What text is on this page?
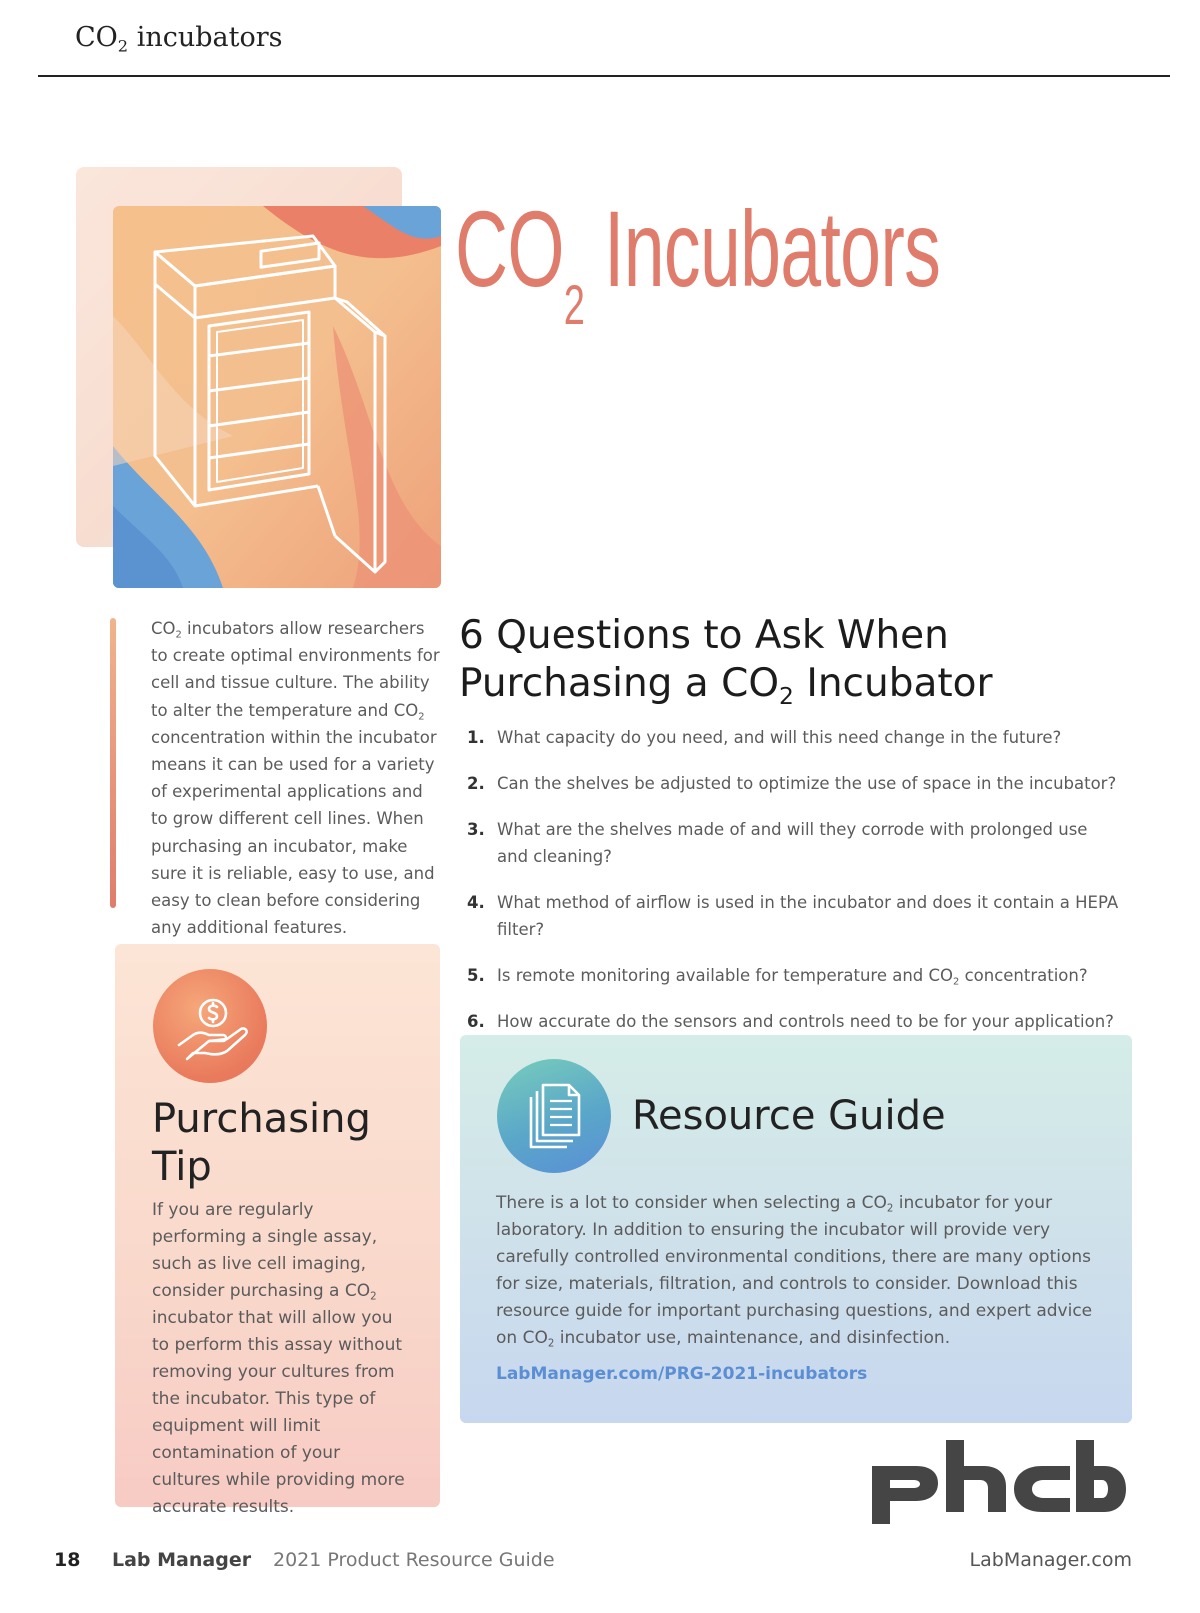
$CO_2$ incubators
$CO_2$ Incubators
$CO_2$ incubators allow researchers to create optimal environments for cell and tissue culture. The ability to alter the temperature and $CO_2$ concentration within the incubator means it can be used for a variety of experimental applications and to grow different cell lines. When purchasing an incubator, make sure it is reliable, easy to use, and easy to clean before considering any additional features.
6 Questions to Ask When Purchasing a $CO_2$ Incubator
1. What capacity do you need, and will this need change in the future?
2. Can the shelves be adjusted to optimize the use of space in the incubator?
3. What are the shelves made of and will they corrode with prolonged use and cleaning?
4. What method of airflow is used in the incubator and does it contain a HEPA filter?
5. Is remote monitoring available for temperature and $CO_2$ concentration?
6. How accurate do the sensors and controls need to be for your application?
Purchasing Tip
If you are regularly performing a single assay, such as live cell imaging, consider purchasing a $CO_2$ incubator that will allow you to perform this assay without removing your cultures from the incubator. This type of equipment will limit contamination of your cultures while providing more accurate results.
Resource Guide
There is a lot to consider when selecting a $CO_2$ incubator for your laboratory. In addition to ensuring the incubator will provide very carefully controlled environmental conditions, there are many options for size, materials, filtration, and controls to consider. Download this resource guide for important purchasing questions, and expert advice on $CO_2$ incubator use, maintenance, and disinfection.
LabManager.com/PRG-2021-incubators
18 Lab Manager 2021 Product Resource Guide	LabManager.com
